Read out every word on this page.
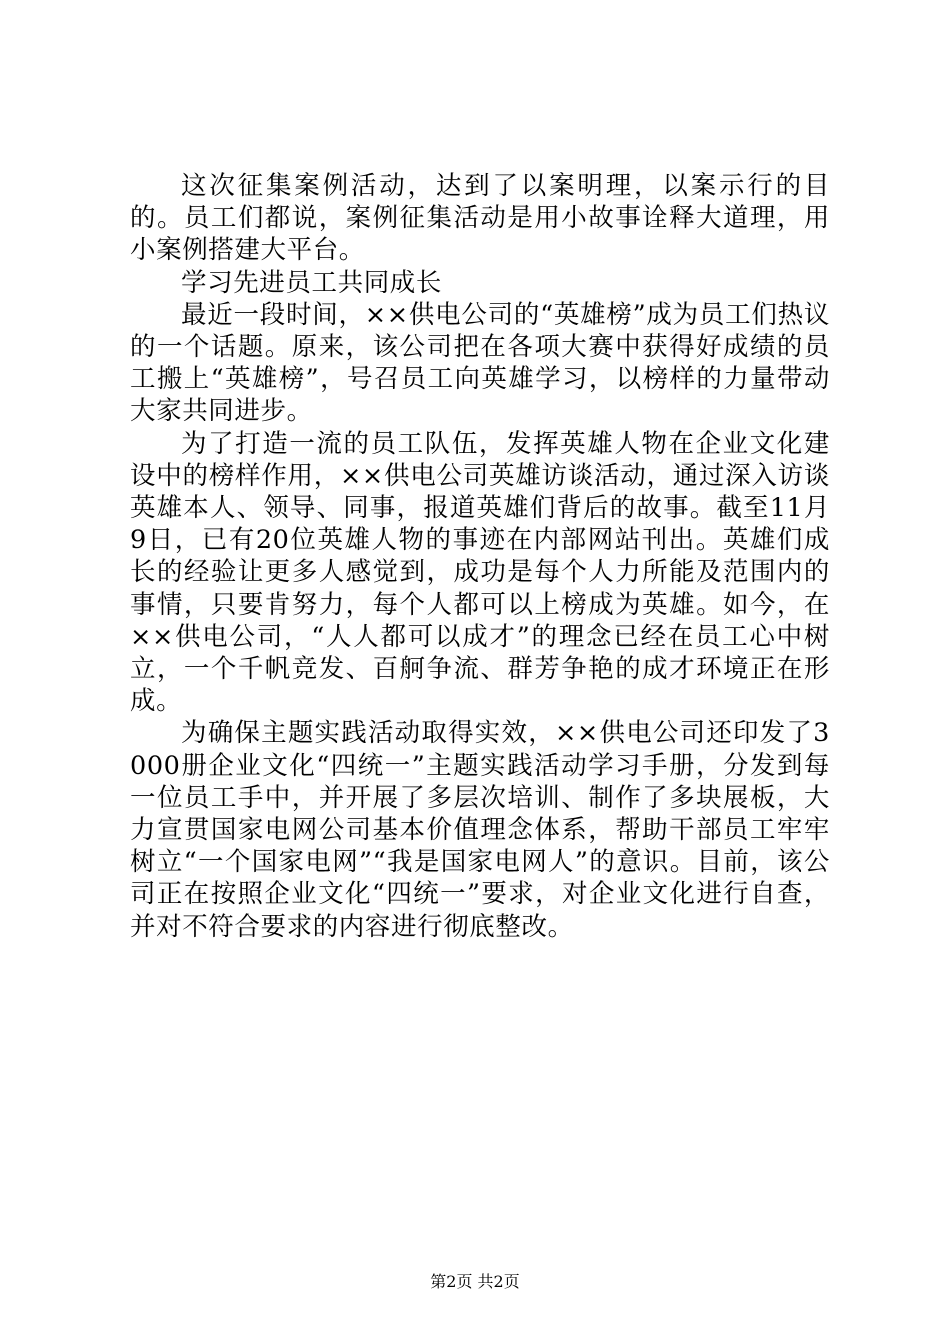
这次征集案例活动，达到了以案明理，以案示行的目的。员工们都说，案例征集活动是用小故事诠释大道理，用小案例搭建大平台。

学习先进员工共同成长

最近一段时间，××供电公司的“英雄榜”成为员工们热议的一个话题。原来，该公司把在各项大赛中获得好成绩的员工搬上“英雄榜”，号召员工向英雄学习，以榜样的力量带动大家共同进步。

为了打造一流的员工队伍，发挥英雄人物在企业文化建设中的榜样作用，××供电公司英雄访谈活动，通过深入访谈英雄本人、领导、同事，报道英雄们背后的故事。截至11月9日，已有20位英雄人物的事迹在内部网站刊出。英雄们成长的经验让更多人感觉到，成功是每个人力所能及范围内的事情，只要肯努力，每个人都可以上榜成为英雄。如今，在××供电公司，“人人都可以成才”的理念已经在员工心中树立，一个千帆竞发、百舸争流、群芳争艳的成才环境正在形成。

为确保主题实践活动取得实效，××供电公司还印发了3000册企业文化“四统一”主题实践活动学习手册，分发到每一位员工手中，并开展了多层次培训、制作了多块展板，大力宣贯国家电网公司基本价值理念体系，帮助干部员工牢牢树立“一个国家电网”“我是国家电网人”的意识。目前，该公司正在按照企业文化“四统一”要求，对企业文化进行自查，并对不符合要求的内容进行彻底整改。

第2页 共2页
